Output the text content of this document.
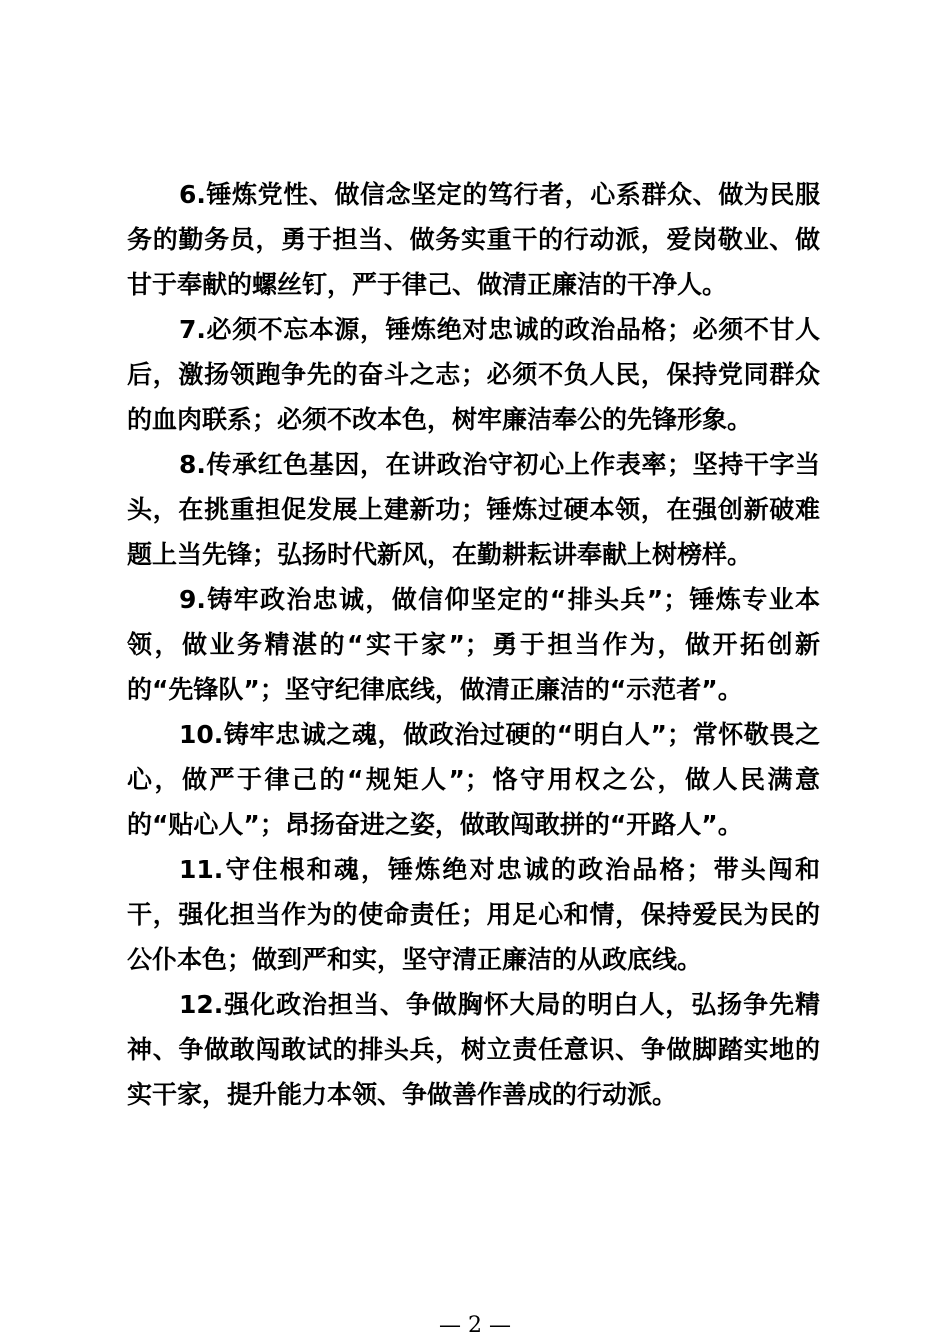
6.锤炼党性、做信念坚定的笃行者，心系群众、做为民服务的勤务员，勇于担当、做务实重干的行动派，爱岗敬业、做甘于奉献的螺丝钉，严于律己、做清正廉洁的干净人。

7.必须不忘本源，锤炼绝对忠诚的政治品格；必须不甘人后，激扬领跑争先的奋斗之志；必须不负人民，保持党同群众的血肉联系；必须不改本色，树牢廉洁奉公的先锋形象。

8.传承红色基因，在讲政治守初心上作表率；坚持干字当头，在挑重担促发展上建新功；锤炼过硬本领，在强创新破难题上当先锋；弘扬时代新风，在勤耕耘讲奉献上树榜样。

9.铸牢政治忠诚，做信仰坚定的“排头兵”；锤炼专业本领，做业务精湛的“实干家”；勇于担当作为，做开拓创新的“先锋队”；坚守纪律底线，做清正廉洁的“示范者”。

10.铸牢忠诚之魂，做政治过硬的“明白人”；常怀敬畏之心，做严于律己的“规矩人”；恪守用权之公，做人民满意的“贴心人”；昂扬奋进之姿，做敢闯敢拼的“开路人”。

11.守住根和魂，锤炼绝对忠诚的政治品格；带头闯和干，强化担当作为的使命责任；用足心和情，保持爱民为民的公仆本色；做到严和实，坚守清正廉洁的从政底线。

12.强化政治担当、争做胸怀大局的明白人，弘扬争先精神、争做敢闯敢试的排头兵，树立责任意识、争做脚踏实地的实干家，提升能力本领、争做善作善成的行动派。

— 2 —
